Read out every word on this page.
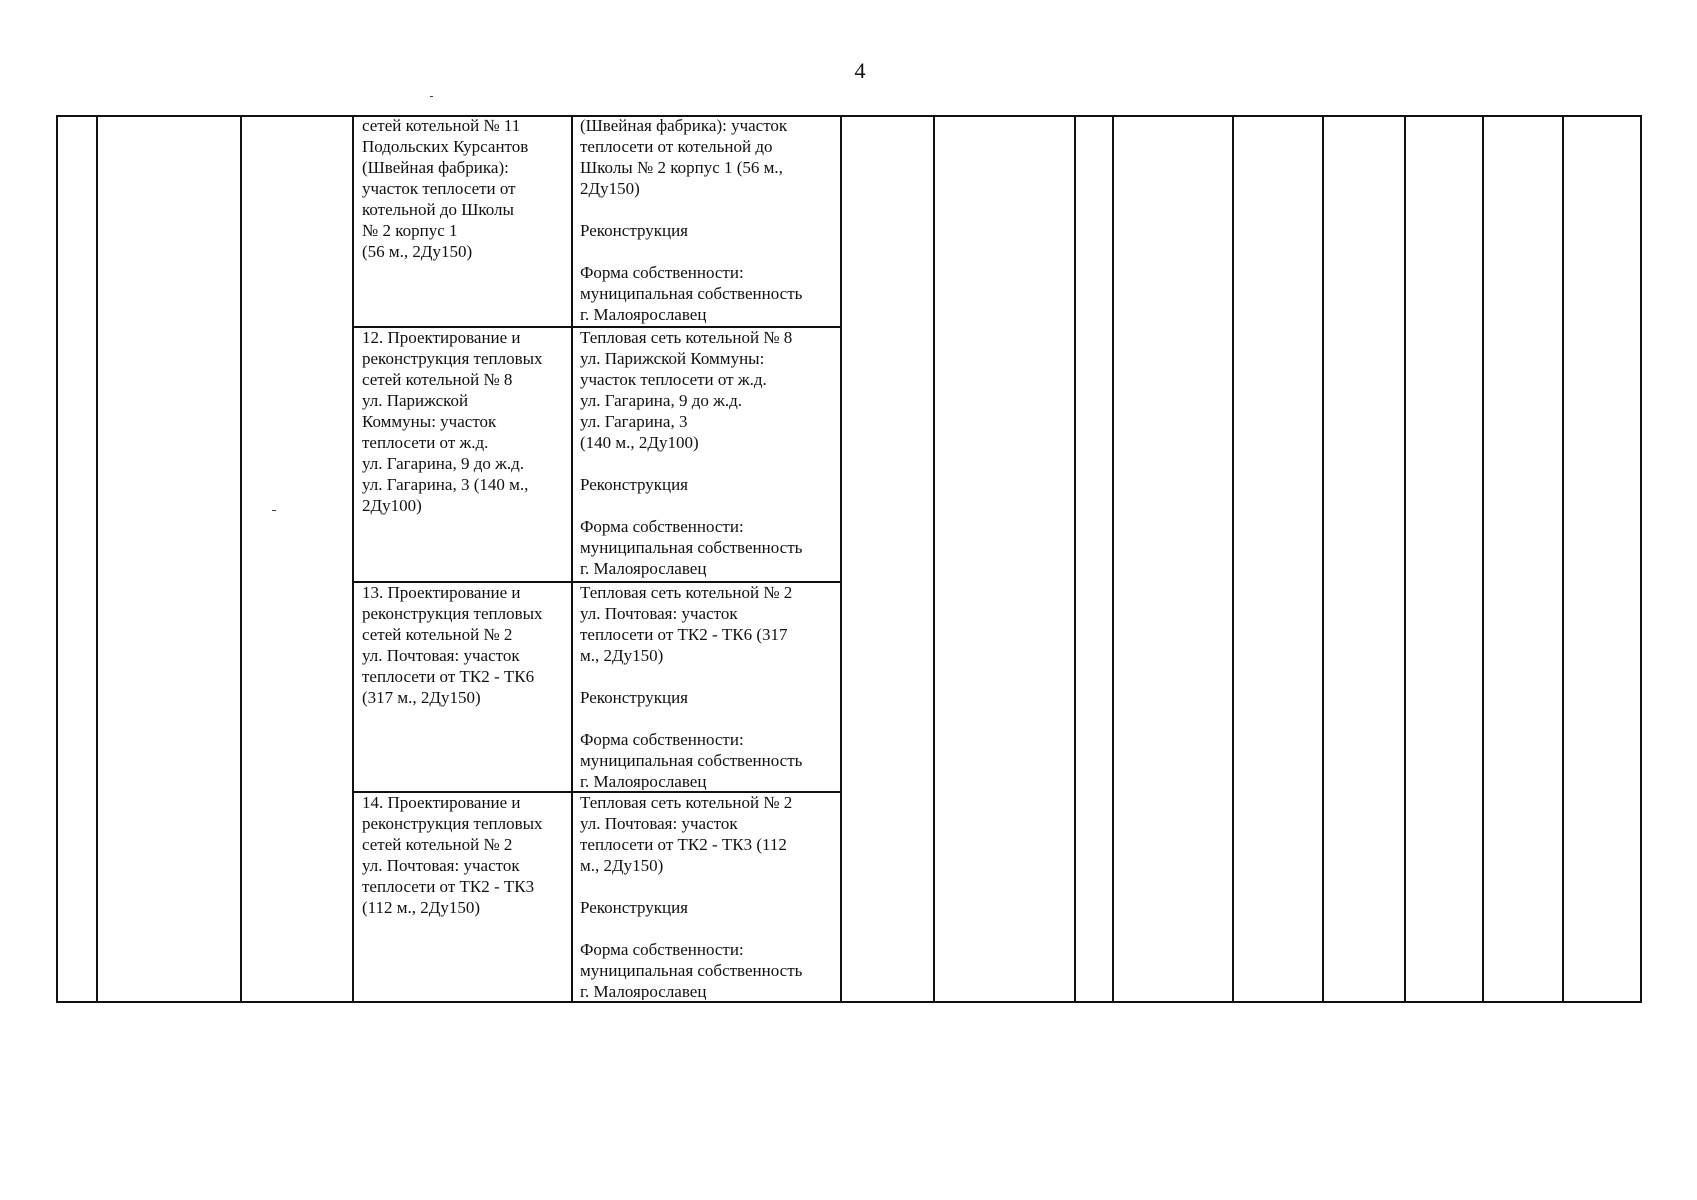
4
сетей котельной № 11
Подольских Курсантов
(Швейная фабрика):
участок теплосети от
котельной до Школы
№ 2 корпус 1
(56 м., 2Ду150)
(Швейная фабрика): участок
теплосети от котельной до
Школы № 2 корпус 1 (56 м.,
2Ду150)

Реконструкция

Форма собственности:
муниципальная собственность
г. Малоярославец
12. Проектирование и
реконструкция тепловых
сетей котельной № 8
ул. Парижской
Коммуны: участок
теплосети от ж.д.
ул. Гагарина, 9 до ж.д.
ул. Гагарина, 3 (140 м.,
2Ду100)
Тепловая сеть котельной № 8
ул. Парижской Коммуны:
участок теплосети от ж.д.
ул. Гагарина, 9 до ж.д.
ул. Гагарина, 3
(140 м., 2Ду100)

Реконструкция

Форма собственности:
муниципальная собственность
г. Малоярославец
13. Проектирование и
реконструкция тепловых
сетей котельной № 2
ул. Почтовая: участок
теплосети от ТК2 - ТК6
(317 м., 2Ду150)
Тепловая сеть котельной № 2
ул. Почтовая: участок
теплосети от ТК2 - ТК6 (317
м., 2Ду150)

Реконструкция

Форма собственности:
муниципальная собственность
г. Малоярославец
14. Проектирование и
реконструкция тепловых
сетей котельной № 2
ул. Почтовая: участок
теплосети от ТК2 - ТК3
(112 м., 2Ду150)
Тепловая сеть котельной № 2
ул. Почтовая: участок
теплосети от ТК2 - ТК3 (112
м., 2Ду150)

Реконструкция

Форма собственности:
муниципальная собственность
г. Малоярославец
